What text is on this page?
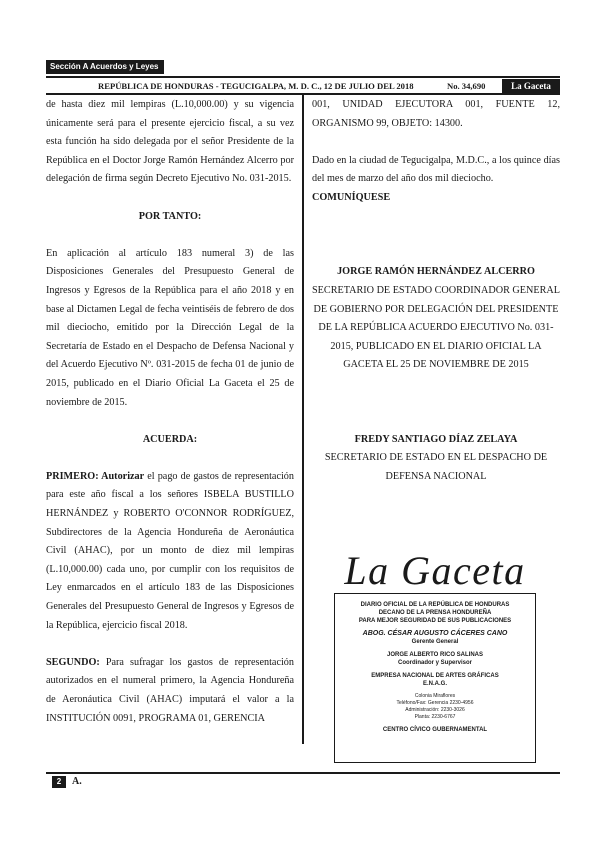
Sección A Acuerdos y Leyes
REPÚBLICA DE HONDURAS - TEGUCIGALPA, M. D. C., 12 DE JULIO DEL 2018	No. 34,690	La Gaceta

de hasta diez mil lempiras (L.10,000.00) y su vigencia únicamente será para el presente ejercicio fiscal, a su vez esta función ha sido delegada por el señor Presidente de la República en el Doctor Jorge Ramón Hernández Alcerro por delegación de firma según Decreto Ejecutivo No. 031-2015.

POR TANTO:

En aplicación al artículo 183 numeral 3) de las Disposiciones Generales del Presupuesto General de Ingresos y Egresos de la República para el año 2018 y en base al Dictamen Legal de fecha veintiséis de febrero de dos mil dieciocho, emitido por la Dirección Legal de la Secretaría de Estado en el Despacho de Defensa Nacional y del Acuerdo Ejecutivo Nº. 031-2015 de fecha 01 de junio de 2015, publicado en el Diario Oficial La Gaceta el 25 de noviembre de 2015.

ACUERDA:

PRIMERO: Autorizar el pago de gastos de representación para este año fiscal a los señores ISBELA BUSTILLO HERNÁNDEZ y ROBERTO O'CONNOR RODRÍGUEZ, Subdirectores de la Agencia Hondureña de Aeronáutica Civil (AHAC), por un monto de diez mil lempiras (L.10,000.00) cada uno, por cumplir con los requisitos de Ley enmarcados en el artículo 183 de las Disposiciones Generales del Presupuesto General de Ingresos y Egresos de la República, ejercicio fiscal 2018.

SEGUNDO: Para sufragar los gastos de representación autorizados en el numeral primero, la Agencia Hondureña de Aeronáutica Civil (AHAC) imputará el valor a la INSTITUCIÓN 0091, PROGRAMA 01, GERENCIA

001, UNIDAD EJECUTORA 001, FUENTE 12, ORGANISMO 99, OBJETO: 14300.

Dado en la ciudad de Tegucigalpa, M.D.C., a los quince días del mes de marzo del año dos mil dieciocho.

COMUNÍQUESE

JORGE RAMÓN HERNÁNDEZ ALCERRO

SECRETARIO DE ESTADO COORDINADOR GENERAL DE GOBIERNO POR DELEGACIÓN DEL PRESIDENTE DE LA REPÚBLICA ACUERDO EJECUTIVO No. 031-2015, PUBLICADO EN EL DIARIO OFICIAL LA GACETA EL 25 DE NOVIEMBRE DE 2015

FREDY SANTIAGO DÍAZ ZELAYA

SECRETARIO DE ESTADO EN EL DESPACHO DE DEFENSA NACIONAL

La Gaceta
DIARIO OFICIAL DE LA REPÚBLICA DE HONDURAS
DECANO DE LA PRENSA HONDUREÑA
PARA MEJOR SEGURIDAD DE SUS PUBLICACIONES
ABOG. CÉSAR AUGUSTO CÁCERES CANO
Gerente General
JORGE ALBERTO RICO SALINAS
Coordinador y Supervisor
EMPRESA NACIONAL DE ARTES GRÁFICAS
E.N.A.G.
Colonia Miraflores
Teléfono/Fax: Gerencia 2230-4956
Administración: 2230-3026
Planta: 2230-6767
CENTRO CÍVICO GUBERNAMENTAL
2	A.
